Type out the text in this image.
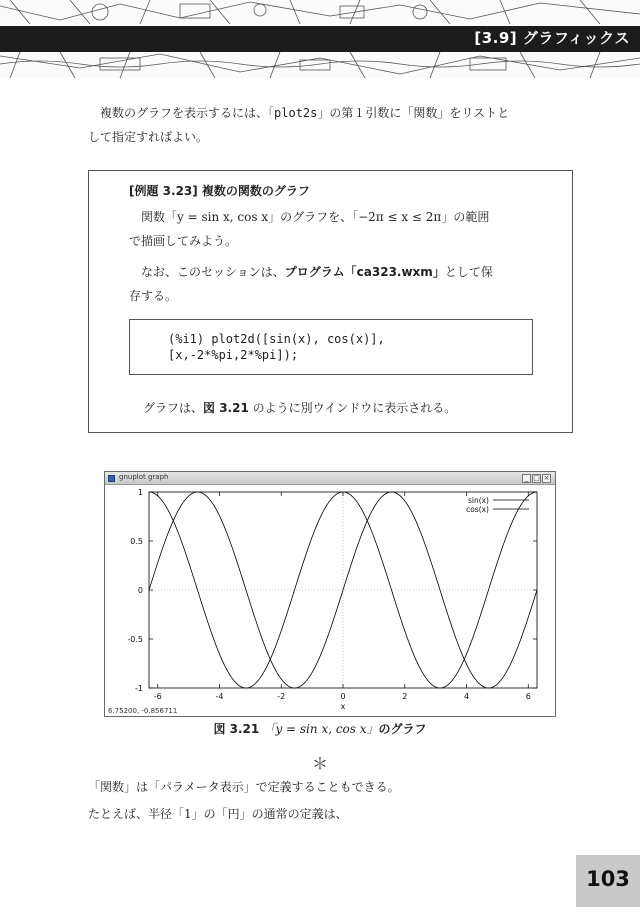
[3.9] グラフィックス
複数のグラフを表示するには、「plot2s」の第１引数に「関数」をリストと
して指定すればよい。
[例題 3.23] 複数の関数のグラフ
関数「y = sin x, cos x」のグラフを、「−2π ≤ x ≤ 2π」の範囲
で描画してみよう。
なお、このセッションは、プログラム「ca323.wxm」として保
存する。
(%i1) plot2d([sin(x), cos(x)],
[x,-2*%pi,2*%pi]);
グラフは、図 3.21 のように別ウインドウに表示される。
gnuplot graph	_ □ ×
-6	-4	-2	0	2	4	6
-1
-0.5
0
0.5
1
x
sin(x)
cos(x)
6.75200, -0.856711
図 3.21 「y = sin x, cos x」のグラフ
＊
「関数」は「パラメータ表示」で定義することもできる。
たとえば、半径「1」の「円」の通常の定義は、
103
